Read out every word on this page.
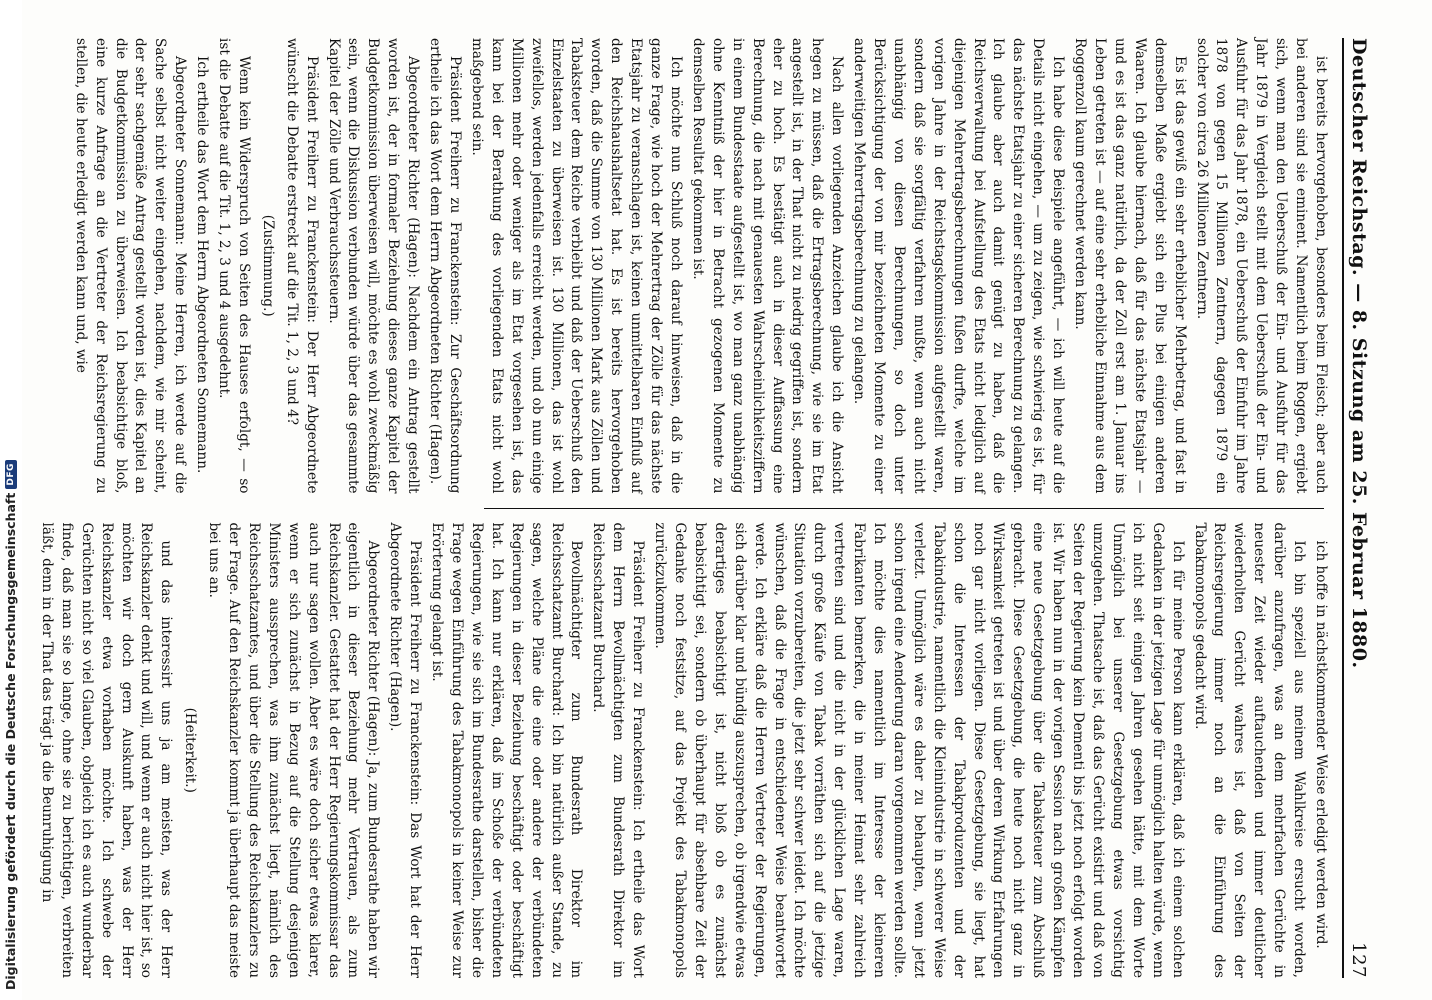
Digitalisierung gefördert durch die Deutsche Forschungsgemeinschaft
DFG	Deutscher Reichstag. — 8. Sitzung am 25. Februar 1880.
127

ist bereits hervorgehoben, besonders beim Fleisch; aber auch bei anderen sind sie eminent. Namentlich beim Roggen, ergiebt sich, wenn man den Ueberschuß der Ein- und Ausfuhr für das Jahr 1879 in Vergleich stellt mit dem Ueberschuß der Ein- und Ausfuhr für das Jahr 1878, ein Ueberschuß der Einfuhr im Jahre 1878 von gegen 15 Millionen Zentnern, dagegen 1879 ein solcher von circa 26 Millionen Zentnern.

Es ist das gewiß ein sehr erheblicher Mehrbetrag, und fast in demselben Maße ergiebt sich ein Plus bei einigen anderen Waaren. Ich glaube hiernach, daß für das nächste Etatsjahr — und es ist das ganz natürlich, da der Zoll erst am 1. Januar ins Leben getreten ist — auf eine sehr erhebliche Einnahme aus dem Roggenzoll kaum gerechnet werden kann.

Ich habe diese Beispiele angeführt, — ich will heute auf die Details nicht eingehen, — um zu zeigen, wie schwierig es ist, für das nächste Etatsjahr zu einer sicheren Berechnung zu gelangen. Ich glaube aber auch damit genügt zu haben, daß die Reichsverwaltung bei Aufstellung des Etats nicht lediglich auf diejenigen Mehrertragsberechnungen fußen durfte, welche im vorigen Jahre in der Reichstagskommission aufgestellt waren, sondern daß sie sorgfältig verfahren mußte, wenn auch nicht unabhängig von diesen Berechnungen, so doch unter Berücksichtigung der von mir bezeichneten Momente zu einer anderweitigen Mehrertragsberechnung zu gelangen.

Nach allen vorliegenden Anzeichen glaube ich die Ansicht hegen zu müssen, daß die Ertragsberechnung, wie sie im Etat angestellt ist, in der That nicht zu niedrig gegriffen ist, sondern eher zu hoch. Es bestätigt auch in dieser Auffassung eine Berechnung, die nach mit genauesten Wahrscheinlichkeitsziffern in einem Bundesstaate aufgestellt ist, wo man ganz unabhängig ohne Kenntniß der hier in Betracht gezogenen Momente zu demselben Resultat gekommen ist.

Ich möchte nun Schluß noch darauf hinweisen, daß in die ganze Frage, wie hoch der Mehrertrag der Zölle für das nächste Etatsjahr zu veranschlagen ist, keinen unmittelbaren Einfluß auf den Reichshaushaltsetat hat. Es ist bereits hervorgehoben worden, daß die Summe von 130 Millionen Mark aus Zöllen und Tabaksteuer dem Reiche verbleibt und daß der Ueberschuß den Einzelstaaten zu überweisen ist. 130 Millionen, das ist wohl zweifellos, werden jedenfalls erreicht werden, und ob nun einige Millionen mehr oder weniger als im Etat vorgesehen ist, das kann bei der Berathung des vorliegenden Etats nicht wohl maßgebend sein.

Präsident Freiherr zu Franckenstein: Zur Geschäftsordnung ertheile ich das Wort dem Herrn Abgeordneten Richter (Hagen).

Abgeordneter Richter (Hagen): Nachdem ein Antrag gestellt worden ist, der in formaler Beziehung dieses ganze Kapitel der Budgetkommission überweisen will, möchte es wohl zweckmäßig sein, wenn die Diskussion verbunden würde über das gesammte Kapitel der Zölle und Verbrauchssteuern.

Präsident Freiherr zu Franckenstein: Der Herr Abgeordnete wünscht die Debatte erstreckt auf die Tit. 1, 2, 3 und 4?

(Zustimmung.)

Wenn kein Widerspruch von Seiten des Hauses erfolgt, — so ist die Debatte auf die Tit. 1, 2, 3 und 4 ausgedehnt.

Ich ertheile das Wort dem Herrn Abgeordneten Sonnemann.

Abgeordneter Sonnemann: Meine Herren, ich werde auf die Sache selbst nicht weiter eingehen, nachdem, wie mir scheint, der sehr sachgemäße Antrag gestellt worden ist, dies Kapitel an die Budgetkommission zu überweisen. Ich beabsichtige bloß, eine kurze Anfrage an die Vertreter der Reichsregierung zu stellen, die heute erledigt werden kann und, wie

ich hoffe in nächstkommender Weise erledigt werden wird.

Ich bin speziell aus meinem Wahlkreise ersucht worden, darüber anzufragen, was an dem mehrfachen Gerüchte in neuester Zeit wieder auftauchenden und immer deutlicher wiederholten Gerücht wahres ist, daß von Seiten der Reichsregierung immer noch an die Einführung des Tabakmonopols gedacht wird.

Ich für meine Person kann erklären, daß ich einem solchen Gedanken in der jetzigen Lage für unmöglich halten würde, wenn ich nicht seit einigen Jahren gesehen hätte, mit dem Worte Unmöglich bei unserer Gesetzgebung etwas vorsichtig umzugehen. Thatsache ist, daß das Gerücht existirt und daß von Seiten der Regierung kein Dementi bis jetzt noch erfolgt worden ist. Wir haben nun in der vorigen Session nach großen Kämpfen eine neue Gesetzgebung über die Tabaksteuer zum Abschluß gebracht. Diese Gesetzgebung, die heute noch nicht ganz in Wirksamkeit getreten ist und über deren Wirkung Erfahrungen noch gar nicht vorliegen. Diese Gesetzgebung, sie liegt, hat schon die Interessen der Tabakproduzenten und der Tabakindustrie, namentlich die Kleinindustrie in schwerer Weise verletzt. Unmöglich wäre es daher zu behaupten, wenn jetzt schon irgend eine Aenderung daran vorgenommen werden sollte. Ich möchte dies namentlich im Interesse der kleineren Fabrikanten bemerken, die in meiner Heimat sehr zahlreich vertreten sind und die nicht in der glücklichen Lage waren, durch große Käufe von Tabak vorräthen sich auf die jetzige Situation vorzubereiten, die jetzt sehr schwer leidet. Ich möchte wünschen, daß die Frage in entschiedener Weise beantwortet werde. Ich erkläre daß die Herren Vertreter der Regierungen, sich darüber klar und bündig auszusprechen, ob irgendwie etwas derartiges beabsichtigt ist, nicht bloß ob es zunächst beabsichtigt sei, sondern ob überhaupt für absehbare Zeit der Gedanke noch festsitze, auf das Projekt des Tabakmonopols zurückzukommen.

Präsident Freiherr zu Franckenstein: Ich ertheile das Wort dem Herrn Bevollmächtigten zum Bundesrath Direktor im Reichsschatzamt Burchard.

Bevollmächtigter zum Bundesrath Direktor im Reichsschatzamt Burchard: Ich bin natürlich außer Stande, zu sagen, welche Pläne die eine oder andere der verbündeten Regierungen in dieser Beziehung beschäftigt oder beschäftigt hat. Ich kann nur erklären, daß im Schoße der verbündeten Regierungen, wie sie sich im Bundesrathe darstellen, bisher die Frage wegen Einführung des Tabakmonopols in keiner Weise zur Erörterung gelangt ist.

Präsident Freiherr zu Franckenstein: Das Wort hat der Herr Abgeordnete Richter (Hagen).

Abgeordneter Richter (Hagen): Ja, zum Bundesrathe haben wir eigentlich in dieser Beziehung mehr Vertrauen, als zum Reichskanzler. Gestattet hat der Herr Regierungskommissar das auch nur sagen wollen. Aber es wäre doch sicher etwas klarer, wenn er sich zunächst in Bezug auf die Stellung desjenigen Ministers aussprechen, was ihm zunächst liegt, nämlich des Reichsschatzamtes, und über die Stellung des Reichskanzlers zu der Frage. Auf den Reichskanzler kommt ja überhaupt das meiste bei uns an.

(Heiterkeit.)

und das interessirt uns ja am meisten, was der Herr Reichskanzler denkt und will, und wenn er auch nicht hier ist, so möchten wir doch gern Auskunft haben, was der Herr Reichskanzler etwa vorhaben möchte. Ich schwebe der Gerüchten nicht so viel Glauben, obgleich ich es auch wunderbar finde, daß man sie so lange, ohne sie zu berichtigen, verbreiten läßt, denn in der That das trägt ja die Beunruhigung in
